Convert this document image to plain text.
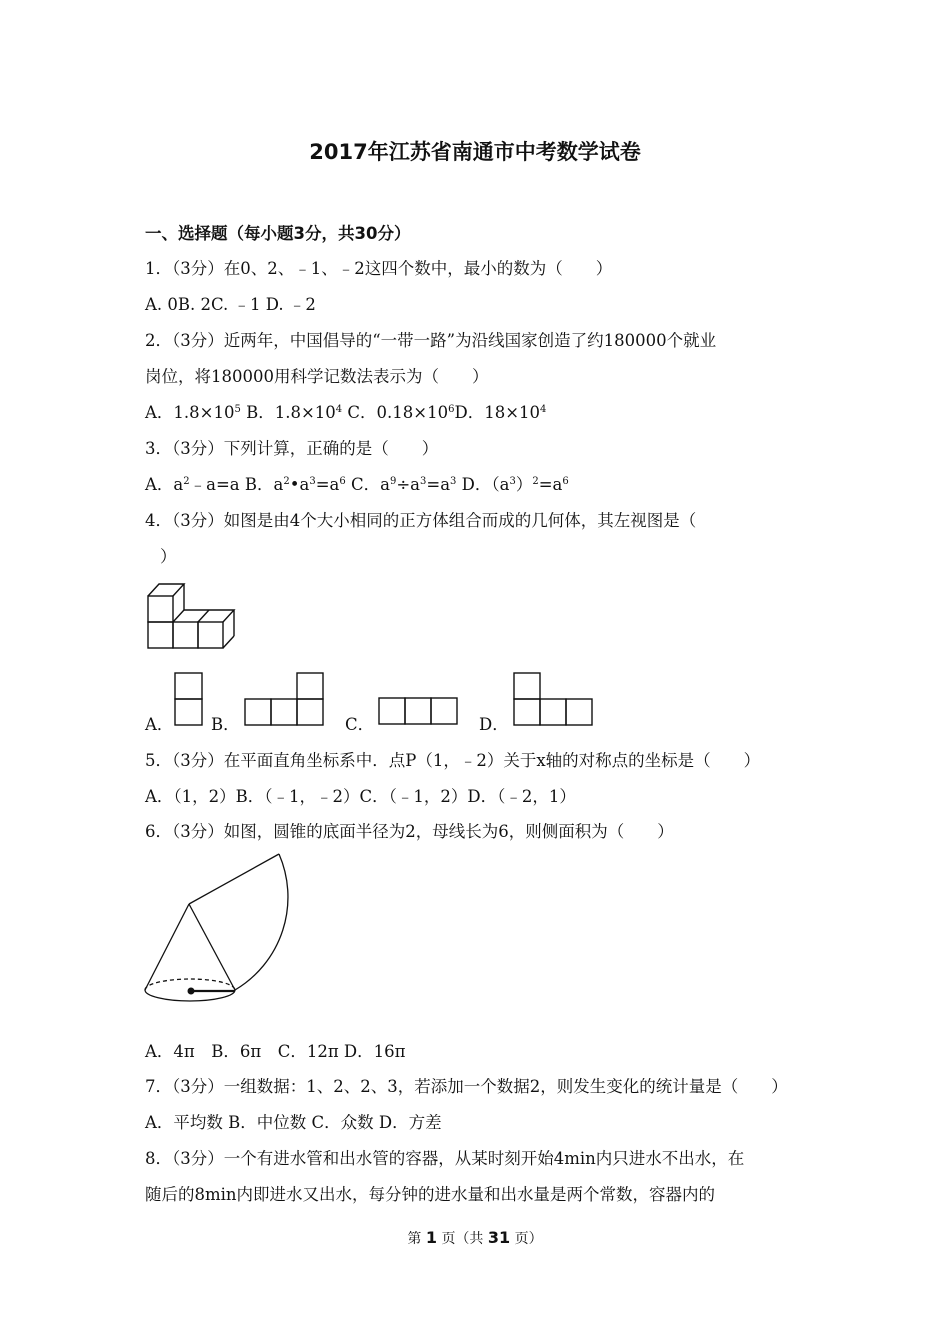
2017年江苏省南通市中考数学试卷
一、选择题（每小题3分，共30分）
1．（3分）在0、2、﹣1、﹣2这四个数中，最小的数为（　　）
A. 0B. 2C. ﹣1 D. ﹣2
2．（3分）近两年，中国倡导的“一带一路”为沿线国家创造了约180000个就业
岗位，将180000用科学记数法表示为（　　）
A．$1.8\times 10^5$ B．$1.8\times 10^4$ C．$0.18\times 10^6D$．$18\times 10^4$
3．（3分）下列计算，正确的是（　　）
A．$a^2﹣a=a$ B．$a^2•a^3=a^6$ C．$a^9\div a^3=a^3$ D．$(a^3)^2=a^6$
4．（3分）如图是由4个大小相同的正方体组合而成的几何体，其左视图是（
）
A． B．	C．	D．
5．（3分）在平面直角坐标系中．点P（1，﹣2）关于x轴的对称点的坐标是（　　）
A．（1，2）B．（﹣1，﹣2）C．（﹣1，2）D．（﹣2，1）
6．（3分）如图，圆锥的底面半径为2，母线长为6，则侧面积为（　　）
A．4π　B．6π　C．12π D．16π
7．（3分）一组数据：1、2、2、3，若添加一个数据2，则发生变化的统计量是（　　）
A．平均数 B．中位数 C．众数 D．方差
8．（3分）一个有进水管和出水管的容器，从某时刻开始4min内只进水不出水，在
随后的8min内即进水又出水，每分钟的进水量和出水量是两个常数，容器内的
第 1 页（共 31 页）
